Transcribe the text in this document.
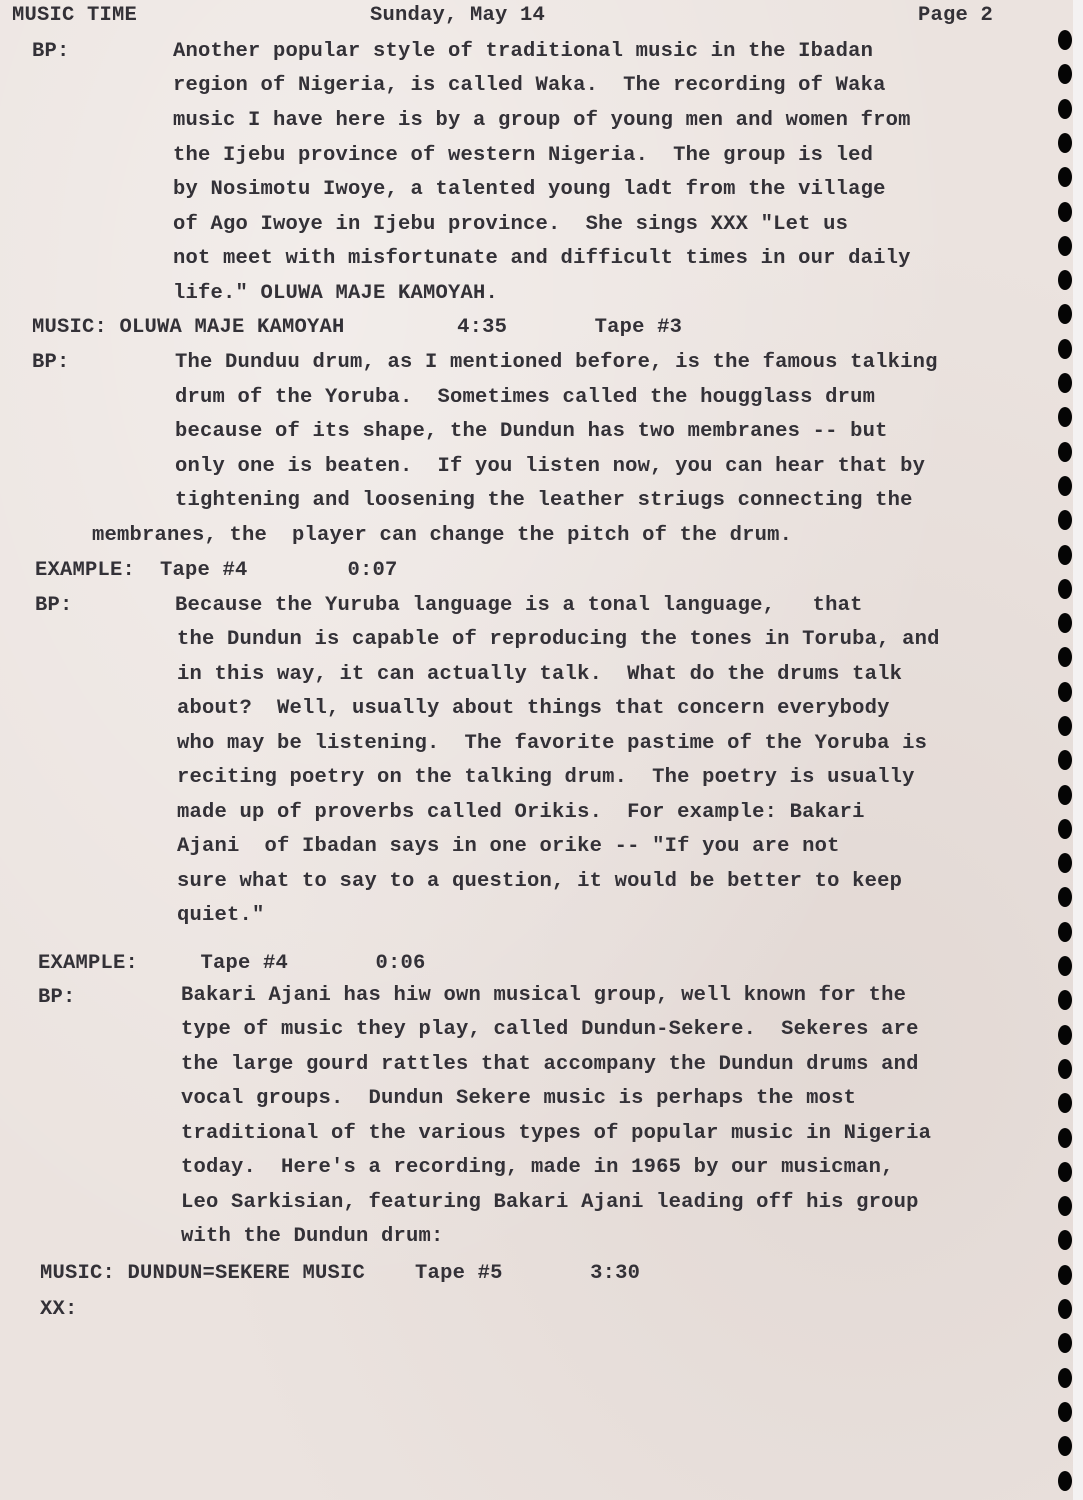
MUSIC TIME	Sunday, May 14	Page 2
BP:	Another popular style of traditional music in the Ibadan
region of Nigeria, is called Waka.  The recording of Waka
music I have here is by a group of young men and women from
the Ijebu province of western Nigeria.  The group is led
by Nosimotu Iwoye, a talented young ladt from the village
of Ago Iwoye in Ijebu province.  She sings XXX "Let us
not meet with misfortunate and difficult times in our daily
life." OLUWA MAJE KAMOYAH.
MUSIC: OLUWA MAJE KAMOYAH         4:35       Tape #3
BP:	The Dunduu drum, as I mentioned before, is the famous talking
drum of the Yoruba.  Sometimes called the hougglass drum
because of its shape, the Dundun has two membranes -- but
only one is beaten.  If you listen now, you can hear that by
tightening and loosening the leather striugs connecting the
membranes, the  player can change the pitch of the drum.
EXAMPLE:  Tape #4        0:07
BP:	Because the Yuruba language is a tonal language,   that
the Dundun is capable of reproducing the tones in Toruba, and
in this way, it can actually talk.  What do the drums talk
about?  Well, usually about things that concern everybody
who may be listening.  The favorite pastime of the Yoruba is
reciting poetry on the talking drum.  The poetry is usually
made up of proverbs called Orikis.  For example: Bakari
Ajani  of Ibadan says in one orike -- "If you are not
sure what to say to a question, it would be better to keep
quiet."
EXAMPLE:     Tape #4       0:06
BP:	Bakari Ajani has hiw own musical group, well known for the
type of music they play, called Dundun-Sekere.  Sekeres are
the large gourd rattles that accompany the Dundun drums and
vocal groups.  Dundun Sekere music is perhaps the most
traditional of the various types of popular music in Nigeria
today.  Here's a recording, made in 1965 by our musicman,
Leo Sarkisian, featuring Bakari Ajani leading off his group
with the Dundun drum:
MUSIC: DUNDUN=SEKERE MUSIC    Tape #5       3:30
XX:
